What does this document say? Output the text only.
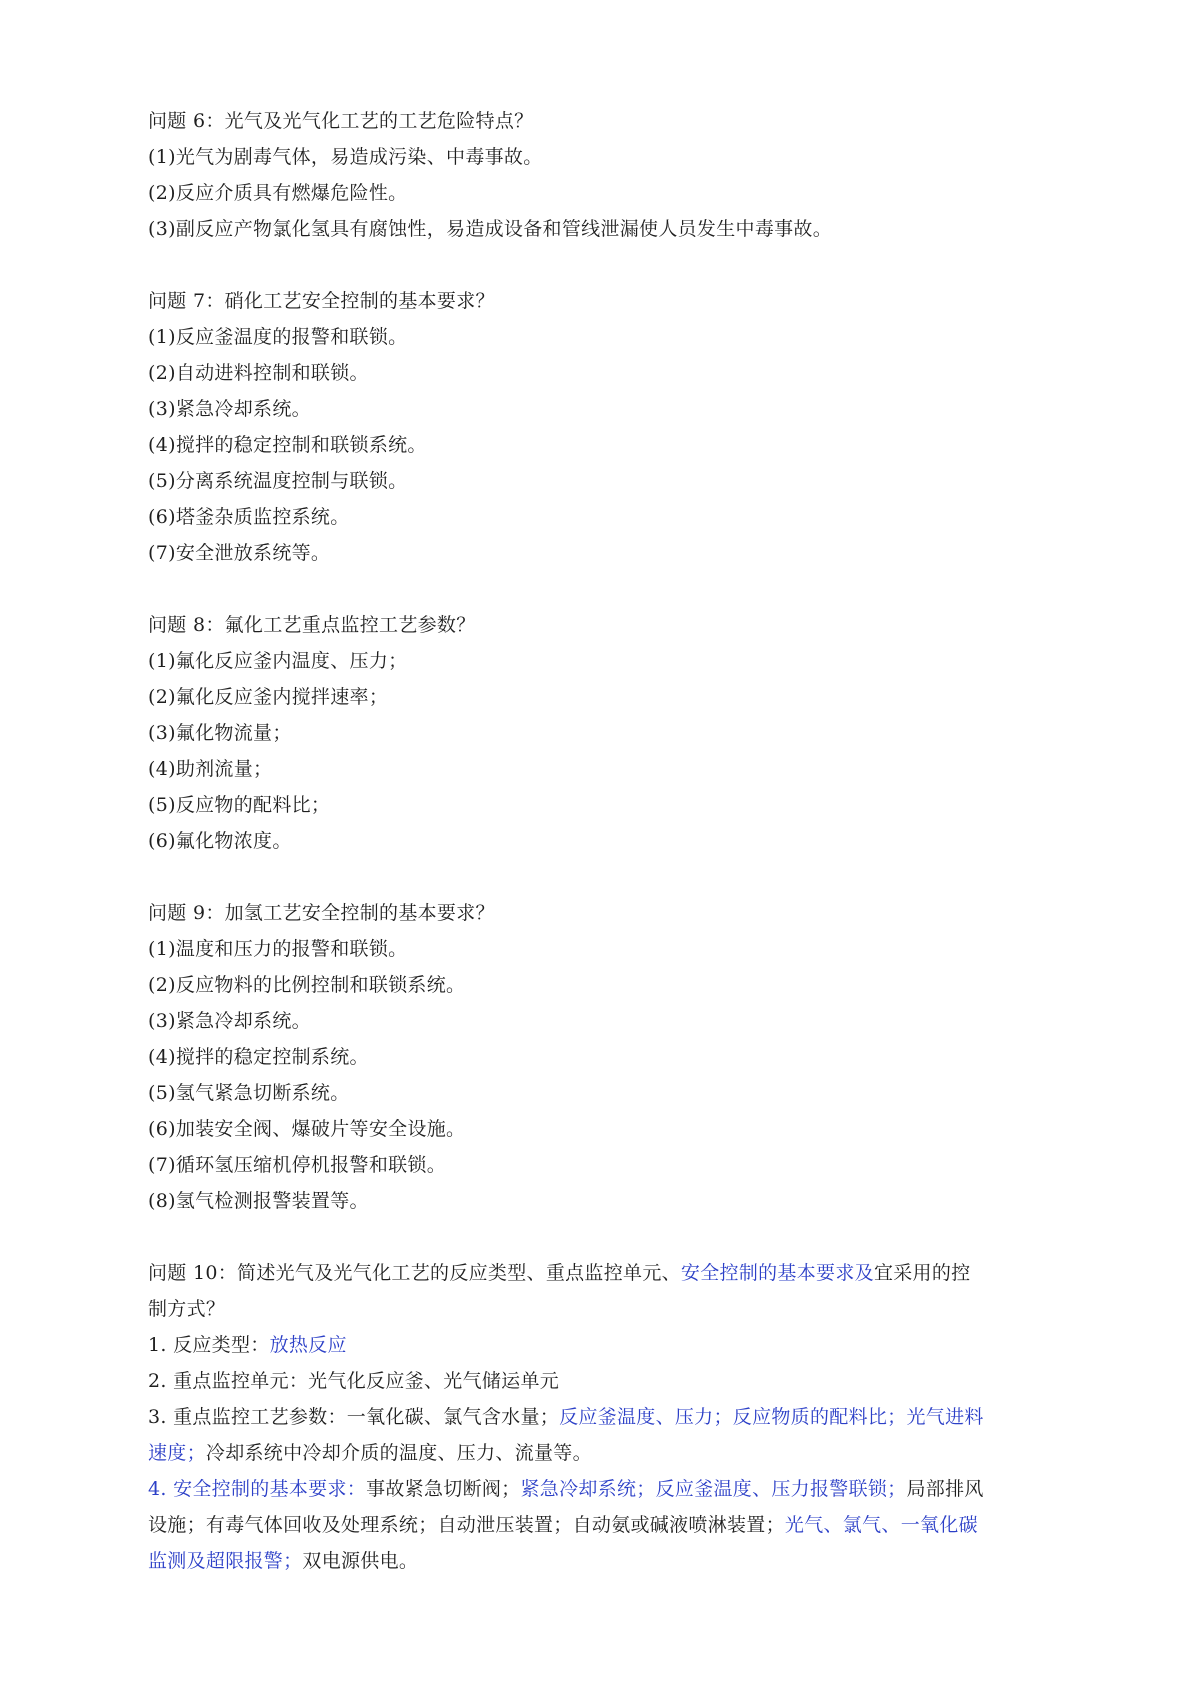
问题 6：光气及光气化工艺的工艺危险特点？
(1)光气为剧毒气体，易造成污染、中毒事故。
(2)反应介质具有燃爆危险性。
(3)副反应产物氯化氢具有腐蚀性，易造成设备和管线泄漏使人员发生中毒事故。
问题 7：硝化工艺安全控制的基本要求？
(1)反应釜温度的报警和联锁。
(2)自动进料控制和联锁。
(3)紧急冷却系统。
(4)搅拌的稳定控制和联锁系统。
(5)分离系统温度控制与联锁。
(6)塔釜杂质监控系统。
(7)安全泄放系统等。
问题 8：氟化工艺重点监控工艺参数？
(1)氟化反应釜内温度、压力；
(2)氟化反应釜内搅拌速率；
(3)氟化物流量；
(4)助剂流量；
(5)反应物的配料比；
(6)氟化物浓度。
问题 9：加氢工艺安全控制的基本要求？
(1)温度和压力的报警和联锁。
(2)反应物料的比例控制和联锁系统。
(3)紧急冷却系统。
(4)搅拌的稳定控制系统。
(5)氢气紧急切断系统。
(6)加装安全阀、爆破片等安全设施。
(7)循环氢压缩机停机报警和联锁。
(8)氢气检测报警装置等。
问题 10：简述光气及光气化工艺的反应类型、重点监控单元、安全控制的基本要求及宜采用的控
制方式？
1. 反应类型：放热反应
2. 重点监控单元：光气化反应釜、光气储运单元
3. 重点监控工艺参数：一氧化碳、氯气含水量；反应釜温度、压力；反应物质的配料比；光气进料
速度；冷却系统中冷却介质的温度、压力、流量等。
4. 安全控制的基本要求：事故紧急切断阀；紧急冷却系统；反应釜温度、压力报警联锁；局部排风
设施；有毒气体回收及处理系统；自动泄压装置；自动氨或碱液喷淋装置；光气、氯气、一氧化碳
监测及超限报警；双电源供电。
